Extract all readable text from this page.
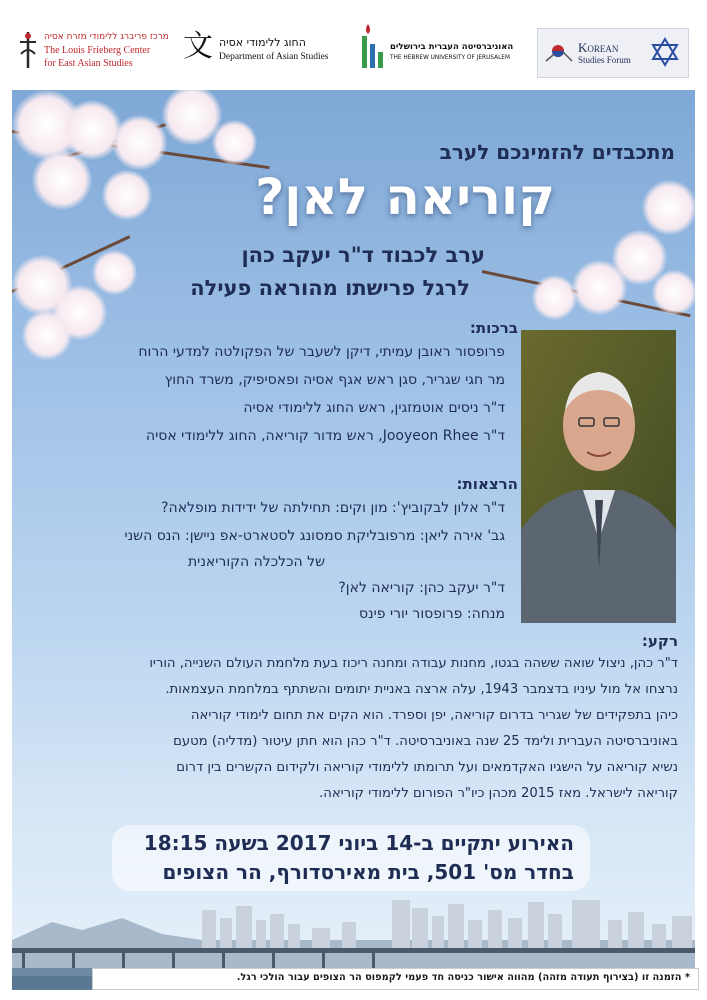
מרכז פריברג ללימודי מזרח אסיה
The Louis Frieberg Center
for East Asian Studies 文 החוג ללימודי אסיה
Department of Asian Studies
האוניברסיטה העברית בירושלים
THE HEBREW UNIVERSITY OF JERUSALEM
Korean
Studies Forum
מתכבדים להזמינכם לערב
קוריאה לאן?
ערב לכבוד ד"ר יעקב כהן
לרגל פרישתו מהוראה פעילה
ברכות:
פרופסור ראובן עמיתי, דיקן לשעבר של הפקולטה למדעי הרוח
מר חגי שגריר, סגן ראש אגף אסיה ופאסיפיק, משרד החוץ
ד"ר ניסים אוטמזגין, ראש החוג ללימודי אסיה
ד"ר Jooyeon Rhee, ראש מדור קוריאה, החוג ללימודי אסיה
הרצאות:
ד"ר אלון לבקוביץ': מון וקים: תחילתה של ידידות מופלאה?
גב' אירה ליאן: מרפובליקת סמסונג לסטארט-אפ ניישן: הנס השני
של הכלכלה הקוריאנית
ד"ר יעקב כהן: קוריאה לאן?
מנחה: פרופסור יורי פינס
רקע:
ד"ר כהן, ניצול שואה ששהה בגטו, מחנות עבודה ומחנה ריכוז בעת מלחמת העולם השנייה, הוריו
נרצחו אל מול עיניו בדצמבר 1943, עלה ארצה באניית יתומים והשתתף במלחמת העצמאות.
כיהן בתפקידים של שגריר בדרום קוריאה, יפן וספרד. הוא הקים את תחום לימודי קוריאה
באוניברסיטה העברית ולימד 25 שנה באוניברסיטה. ד"ר כהן הוא חתן עיטור (מדליה) מטעם
נשיא קוריאה על הישגיו האקדמאים ועל תרומתו ללימודי קוריאה ולקידום הקשרים בין דרום
קוריאה לישראל. מאז 2015 מכהן כיו"ר הפורום ללימודי קוריאה.
האירוע יתקיים ב-14 ביוני 2017 בשעה 18:15
בחדר מס' 501, בית מאירסדורף, הר הצופים
* הזמנה זו (בצירוף תעודה מזהה) מהווה אישור כניסה חד פעמי לקמפוס הר הצופים עבור הולכי רגל.
